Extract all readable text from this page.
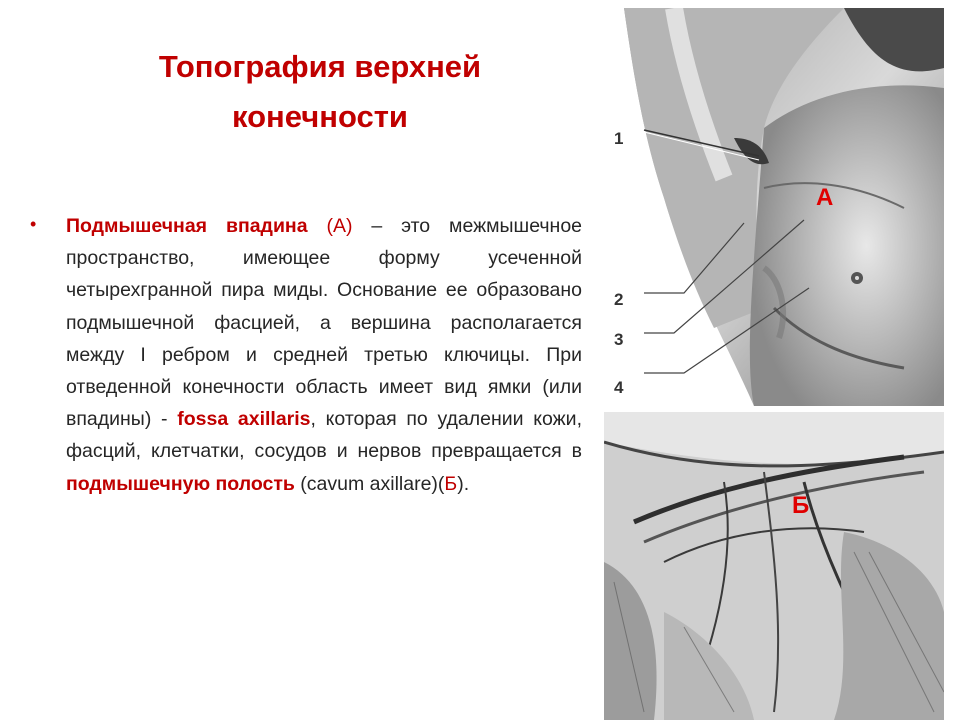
Топография верхней
конечности
• Подмышечная впадина (А) – это межмышечное пространство, имеющее форму усеченной четырехгранной пира миды. Основание ее образовано подмышечной фасцией, а вершина располагается между I ребром и средней третью ключицы. При отведенной конечности область имеет вид ямки (или впадины) - fossa axillaris, которая по удалении кожи, фасций, клетчатки, сосудов и нервов превращается в подмышечную полость (cavum axillare)(Б).
1
2
3
4
А
Б
